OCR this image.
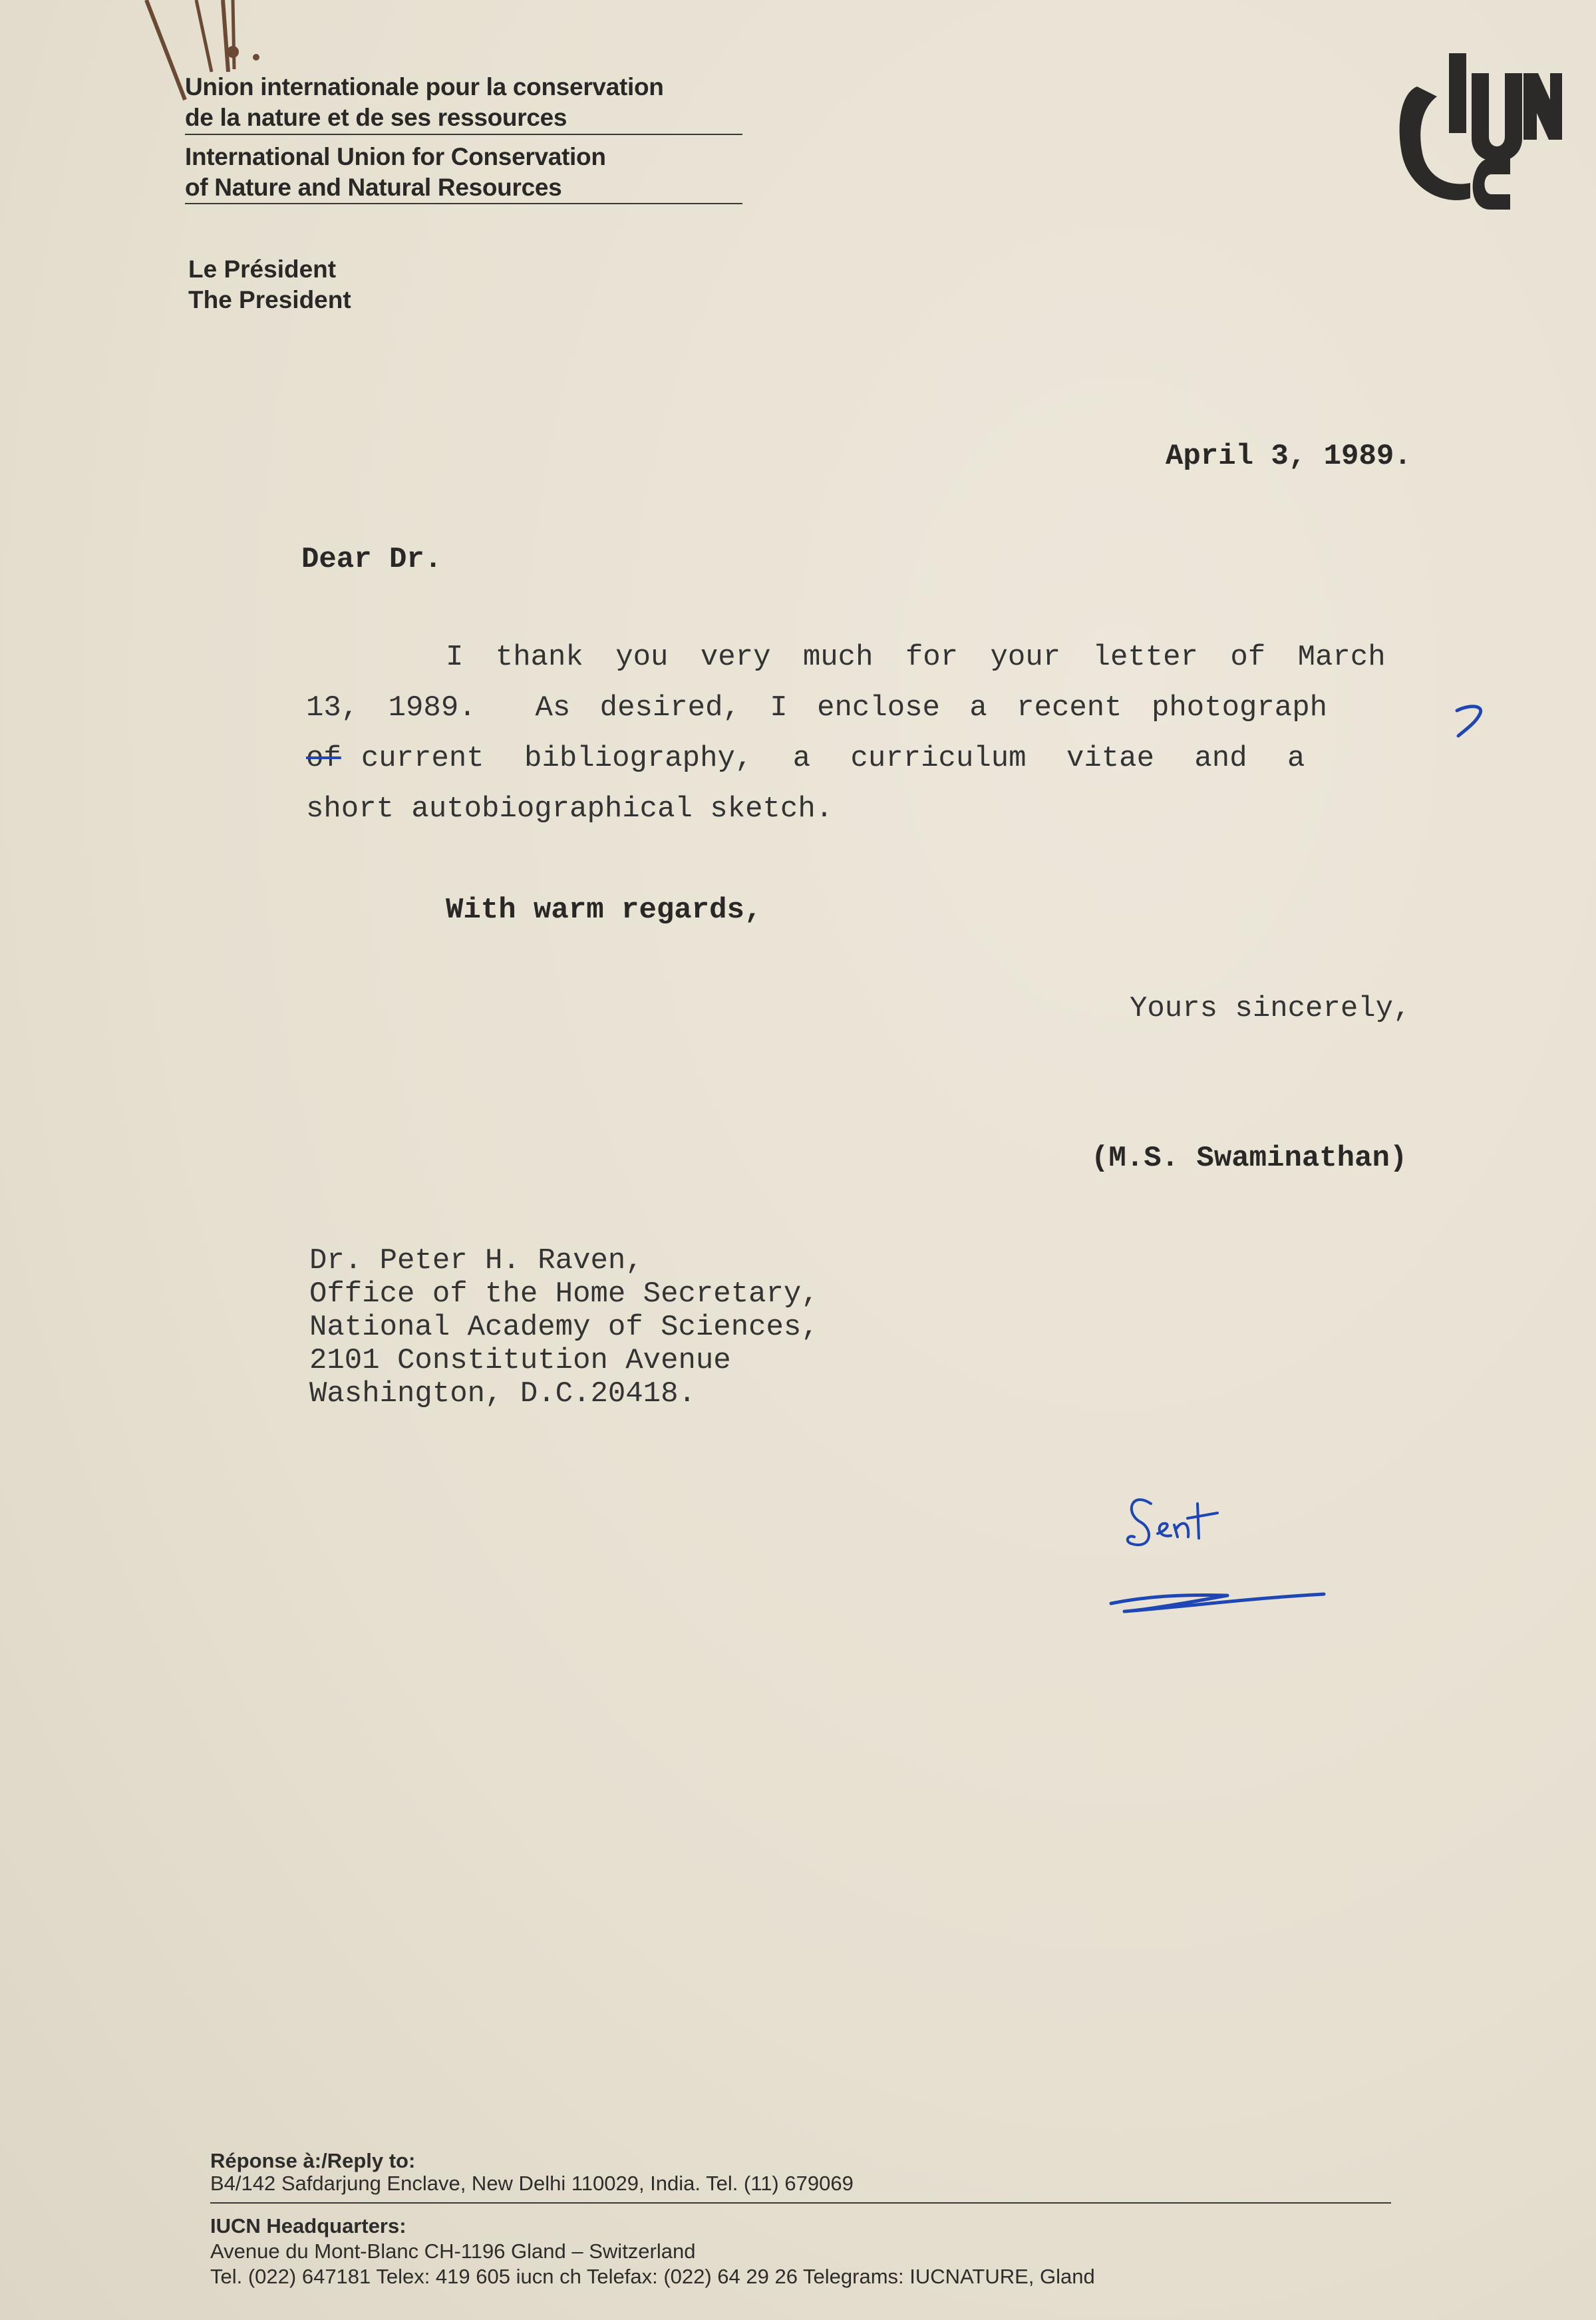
Union internationale pour la conservation
de la nature et de ses ressources
International Union for Conservation
of Nature and Natural Resources
Le Président
The President
April 3, 1989.
Dear Dr.
I thank you very much for your letter of March
13, 1989.  As desired, I enclose a recent photograph
of current bibliography, a curriculum vitae and a
short autobiographical sketch.
With warm regards,
Yours sincerely,
(M.S. Swaminathan)
Dr. Peter H. Raven,
Office of the Home Secretary,
National Academy of Sciences,
2101 Constitution Avenue
Washington, D.C.20418.
Sent
Réponse à:/Reply to:
B4/142 Safdarjung Enclave, New Delhi 110029, India. Tel. (11) 679069
IUCN Headquarters:
Avenue du Mont-Blanc CH-1196 Gland – Switzerland
Tel. (022) 647181 Telex: 419 605 iucn ch Telefax: (022) 64 29 26 Telegrams: IUCNATURE, Gland
